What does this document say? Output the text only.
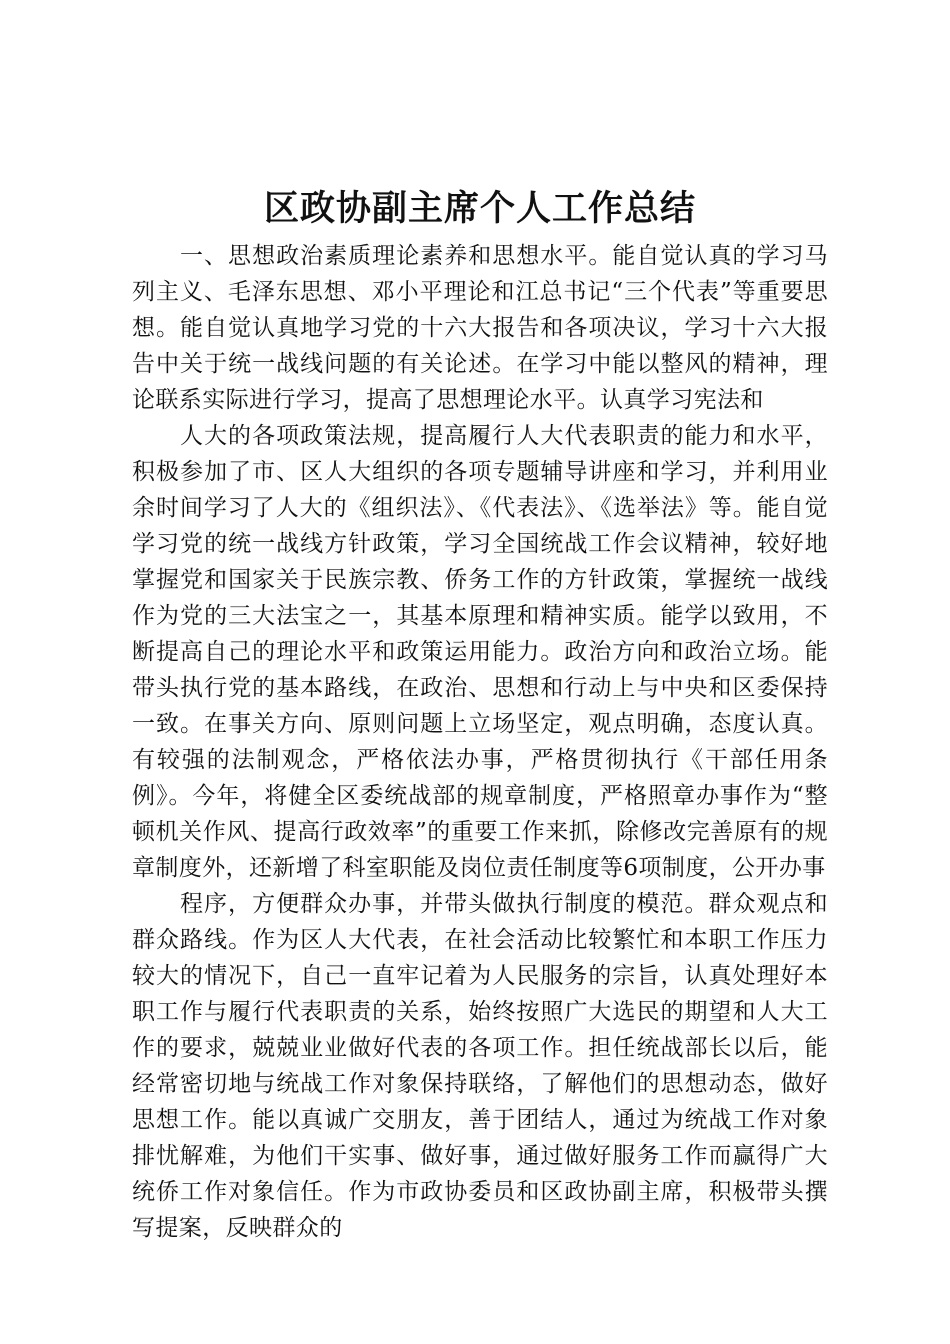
区政协副主席个人工作总结

一、思想政治素质理论素养和思想水平。能自觉认真的学习马列主义、毛泽东思想、邓小平理论和江总书记“三个代表”等重要思想。能自觉认真地学习党的十六大报告和各项决议，学习十六大报告中关于统一战线问题的有关论述。在学习中能以整风的精神，理论联系实际进行学习，提高了思想理论水平。认真学习宪法和

人大的各项政策法规，提高履行人大代表职责的能力和水平，积极参加了市、区人大组织的各项专题辅导讲座和学习，并利用业余时间学习了人大的《组织法》、《代表法》、《选举法》等。能自觉学习党的统一战线方针政策，学习全国统战工作会议精神，较好地掌握党和国家关于民族宗教、侨务工作的方针政策，掌握统一战线作为党的三大法宝之一，其基本原理和精神实质。能学以致用，不断提高自己的理论水平和政策运用能力。政治方向和政治立场。能带头执行党的基本路线，在政治、思想和行动上与中央和区委保持一致。在事关方向、原则问题上立场坚定，观点明确，态度认真。有较强的法制观念，严格依法办事，严格贯彻执行《干部任用条例》。今年，将健全区委统战部的规章制度，严格照章办事作为“整顿机关作风、提高行政效率”的重要工作来抓，除修改完善原有的规章制度外，还新增了科室职能及岗位责任制度等6项制度，公开办事

程序，方便群众办事，并带头做执行制度的模范。群众观点和群众路线。作为区人大代表，在社会活动比较繁忙和本职工作压力较大的情况下，自己一直牢记着为人民服务的宗旨，认真处理好本职工作与履行代表职责的关系，始终按照广大选民的期望和人大工作的要求，兢兢业业做好代表的各项工作。担任统战部长以后，能经常密切地与统战工作对象保持联络，了解他们的思想动态，做好思想工作。能以真诚广交朋友，善于团结人，通过为统战工作对象排忧解难，为他们干实事、做好事，通过做好服务工作而赢得广大统侨工作对象信任。作为市政协委员和区政协副主席，积极带头撰写提案，反映群众的
